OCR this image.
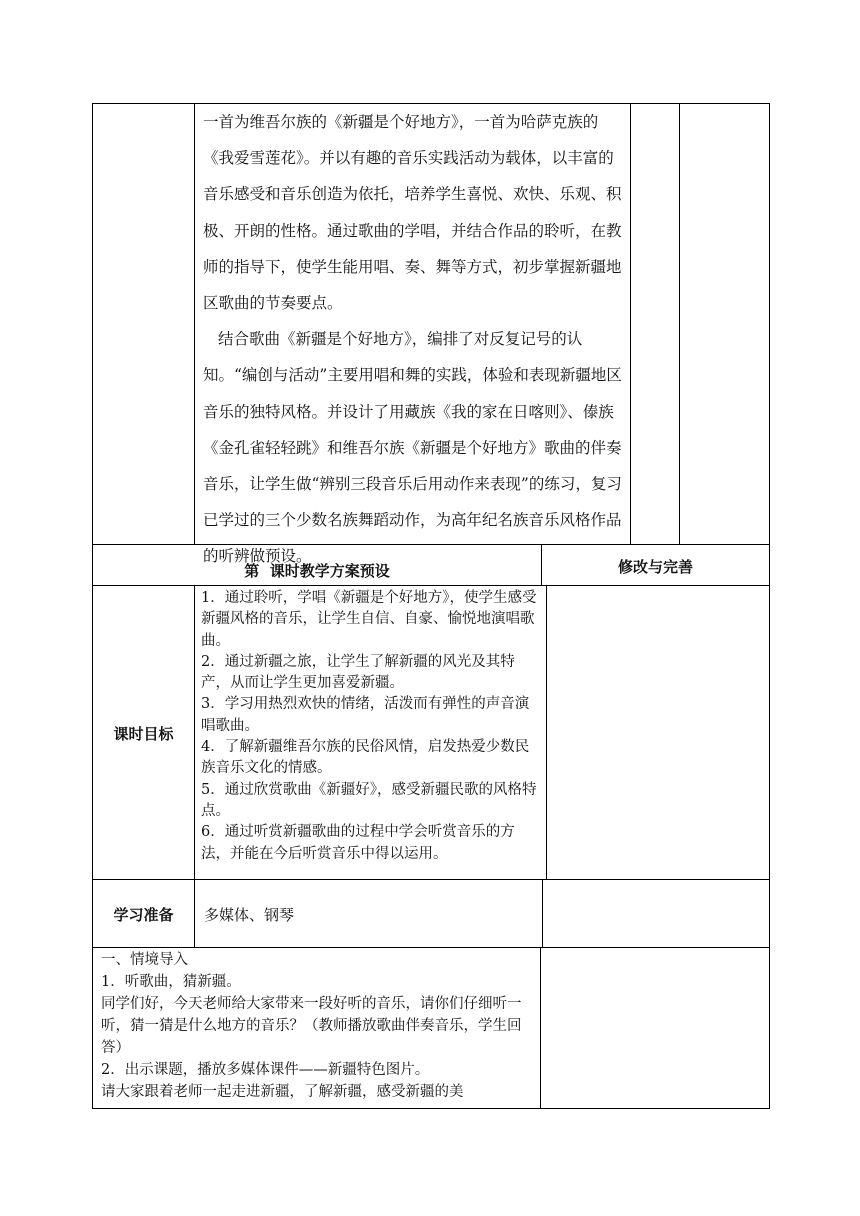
一首为维吾尔族的《新疆是个好地方》，一首为哈萨克族的《我爱雪莲花》。并以有趣的音乐实践活动为载体，以丰富的音乐感受和音乐创造为依托，培养学生喜悦、欢快、乐观、积极、开朗的性格。通过歌曲的学唱，并结合作品的聆听，在教师的指导下，使学生能用唱、奏、舞等方式，初步掌握新疆地区歌曲的节奏要点。

结合歌曲《新疆是个好地方》，编排了对反复记号的认知。“编创与活动”主要用唱和舞的实践，体验和表现新疆地区音乐的独特风格。并设计了用藏族《我的家在日喀则》、傣族《金孔雀轻轻跳》和维吾尔族《新疆是个好地方》歌曲的伴奏音乐，让学生做“辨别三段音乐后用动作来表现”的练习，复习已学过的三个少数名族舞蹈动作，为高年纪名族音乐风格作品的听辨做预设。

第  课时教学方案预设	修改与完善
课时目标

1．通过聆听，学唱《新疆是个好地方》，使学生感受新疆风格的音乐，让学生自信、自豪、愉悦地演唱歌曲。

2．通过新疆之旅，让学生了解新疆的风光及其特产，从而让学生更加喜爱新疆。

3．学习用热烈欢快的情绪，活泼而有弹性的声音演唱歌曲。

4．了解新疆维吾尔族的民俗风情，启发热爱少数民族音乐文化的情感。

5．通过欣赏歌曲《新疆好》，感受新疆民歌的风格特点。

6．通过听赏新疆歌曲的过程中学会听赏音乐的方法，并能在今后听赏音乐中得以运用。

学习准备	多媒体、钢琴

一、情境导入

1．听歌曲，猜新疆。

同学们好，今天老师给大家带来一段好听的音乐，请你们仔细听一听，猜一猜是什么地方的音乐？（教师播放歌曲伴奏音乐，学生回答）

2．出示课题，播放多媒体课件——新疆特色图片。

请大家跟着老师一起走进新疆，了解新疆，感受新疆的美
